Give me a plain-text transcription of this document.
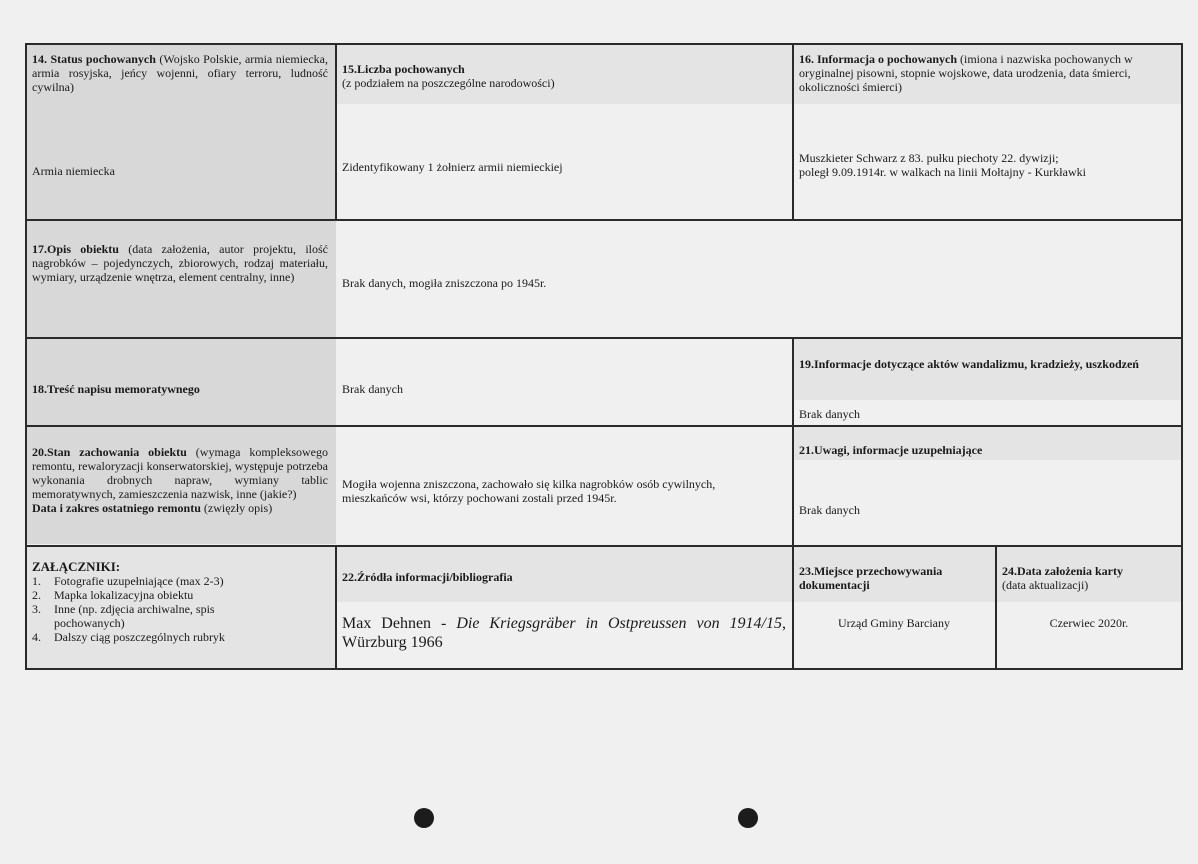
14. Status pochowanych (Wojsko Polskie, armia niemiecka, armia rosyjska, jeńcy wojenni, ofiary terroru, ludność cywilna)
Armia niemiecka
15.Liczba pochowanych
(z podziałem na poszczególne narodowości)
Zidentyfikowany 1 żołnierz armii niemieckiej
16. Informacja o pochowanych (imiona i nazwiska pochowanych w oryginalnej pisowni, stopnie wojskowe, data urodzenia, data śmierci, okoliczności śmierci)
Muszkieter Schwarz z 83. pułku piechoty 22. dywizji;
poległ 9.09.1914r. w walkach na linii Mołtajny - Kurkławki
17.Opis obiektu (data założenia, autor projektu, ilość nagrobków – pojedynczych, zbiorowych, rodzaj materiału, wymiary, urządzenie wnętrza, element centralny, inne)	Brak danych, mogiła zniszczona po 1945r.
18.Treść napisu memoratywnego	Brak danych
19.Informacje dotyczące aktów wandalizmu, kradzieży, uszkodzeń
Brak danych
20.Stan zachowania obiektu (wymaga kompleksowego remontu, rewaloryzacji konserwatorskiej, występuje potrzeba wykonania drobnych napraw, wymiany tablic memoratywnych, zamieszczenia nazwisk, inne (jakie?)
Data i zakres ostatniego remontu (zwięzły opis)
Mogiła wojenna zniszczona, zachowało się kilka nagrobków osób cywilnych,
mieszkańców wsi, którzy pochowani zostali przed 1945r.
21.Uwagi, informacje uzupełniające
Brak danych
ZAŁĄCZNIKI:
1. Fotografie uzupełniające (max 2-3)
2. Mapka lokalizacyjna obiektu
3. Inne (np. zdjęcia archiwalne, spis pochowanych)
4. Dalszy ciąg poszczególnych rubryk
22.Źródła informacji/bibliografia
Max Dehnen - Die Kriegsgräber in Ostpreussen von 1914/15, Würzburg 1966
23.Miejsce przechowywania dokumentacji
Urząd Gminy Barciany
24.Data założenia karty
(data aktualizacji)
Czerwiec 2020r.
